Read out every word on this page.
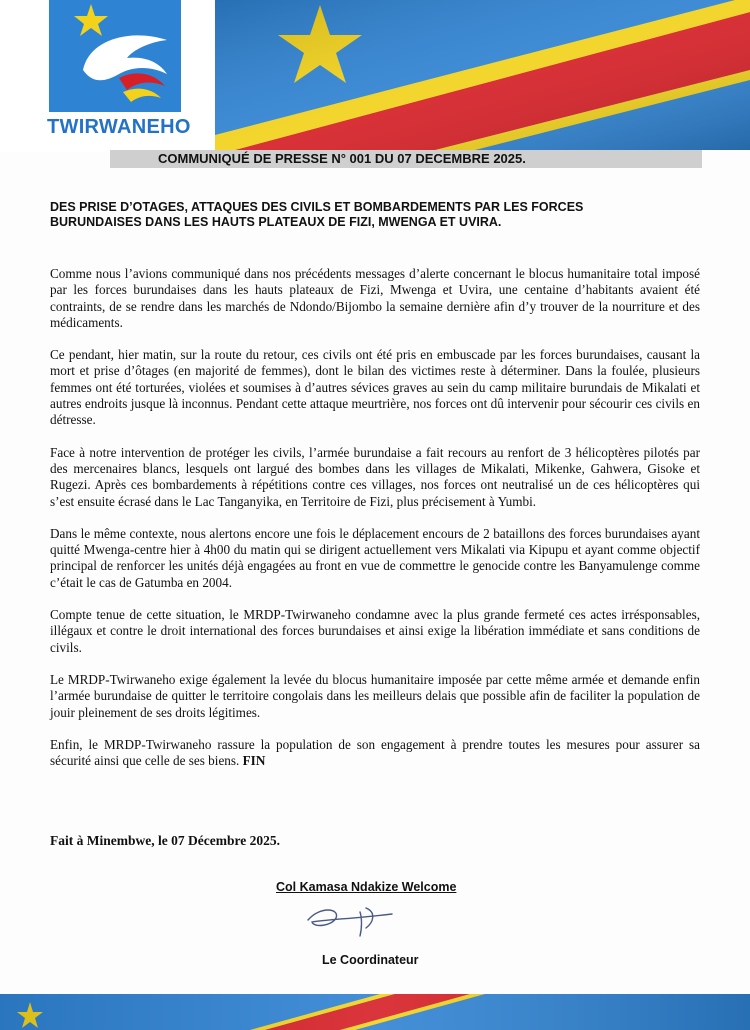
TWIRWANEHO
COMMUNIQUÉ DE PRESSE N° 001 DU 07 DECEMBRE 2025.
DES PRISE D’OTAGES, ATTAQUES DES CIVILS ET BOMBARDEMENTS PAR LES FORCES
BURUNDAISES DANS LES HAUTS PLATEAUX DE FIZI, MWENGA ET UVIRA.

Comme nous l’avions communiqué dans nos précédents messages d’alerte concernant le blocus humanitaire total imposé par les forces burundaises dans les hauts plateaux de Fizi, Mwenga et Uvira, une centaine d’habitants avaient été contraints, de se rendre dans les marchés de Ndondo/Bijombo la semaine dernière afin d’y trouver de la nourriture et des médicaments.

Ce pendant, hier matin, sur la route du retour, ces civils ont été pris en embuscade par les forces burundaises, causant la mort et prise d’ôtages (en majorité de femmes), dont le bilan des victimes reste à déterminer. Dans la foulée, plusieurs femmes ont été torturées, violées et soumises à d’autres sévices graves au sein du camp militaire burundais de Mikalati et autres endroits jusque là inconnus. Pendant cette attaque meurtrière, nos forces ont dû intervenir pour sécourir ces civils en détresse.

Face à notre intervention de protéger les civils, l’armée burundaise a fait recours au renfort de 3 hélicoptères pilotés par des mercenaires blancs, lesquels ont largué des bombes dans les villages de Mikalati, Mikenke, Gahwera, Gisoke et Rugezi. Après ces bombardements à répétitions contre ces villages, nos forces ont neutralisé un de ces hélicoptères qui s’est ensuite écrasé dans le Lac Tanganyika, en Territoire de Fizi, plus précisement à Yumbi.

Dans le même contexte, nous alertons encore une fois le déplacement encours de 2 bataillons des forces burundaises ayant quitté Mwenga-centre hier à 4h00 du matin qui se dirigent actuellement vers Mikalati via Kipupu et ayant comme objectif principal de renforcer les unités déjà engagées au front en vue de commettre le genocide contre les Banyamulenge comme c’était le cas de Gatumba en 2004.

Compte tenue de cette situation, le MRDP-Twirwaneho condamne avec la plus grande fermeté ces actes irrésponsables, illégaux et contre le droit international des forces burundaises et ainsi exige la libération immédiate et sans conditions de civils.

Le MRDP-Twirwaneho exige également la levée du blocus humanitaire imposée par cette même armée et demande enfin l’armée burundaise de quitter le territoire congolais dans les meilleurs delais que possible afin de faciliter la population de jouir pleinement de ses droits légitimes.

Enfin, le MRDP-Twirwaneho rassure la population de son engagement à prendre toutes les mesures pour assurer sa sécurité ainsi que celle de ses biens. FIN

Fait à Minembwe, le 07 Décembre 2025.
Col Kamasa Ndakize Welcome
Le Coordinateur
